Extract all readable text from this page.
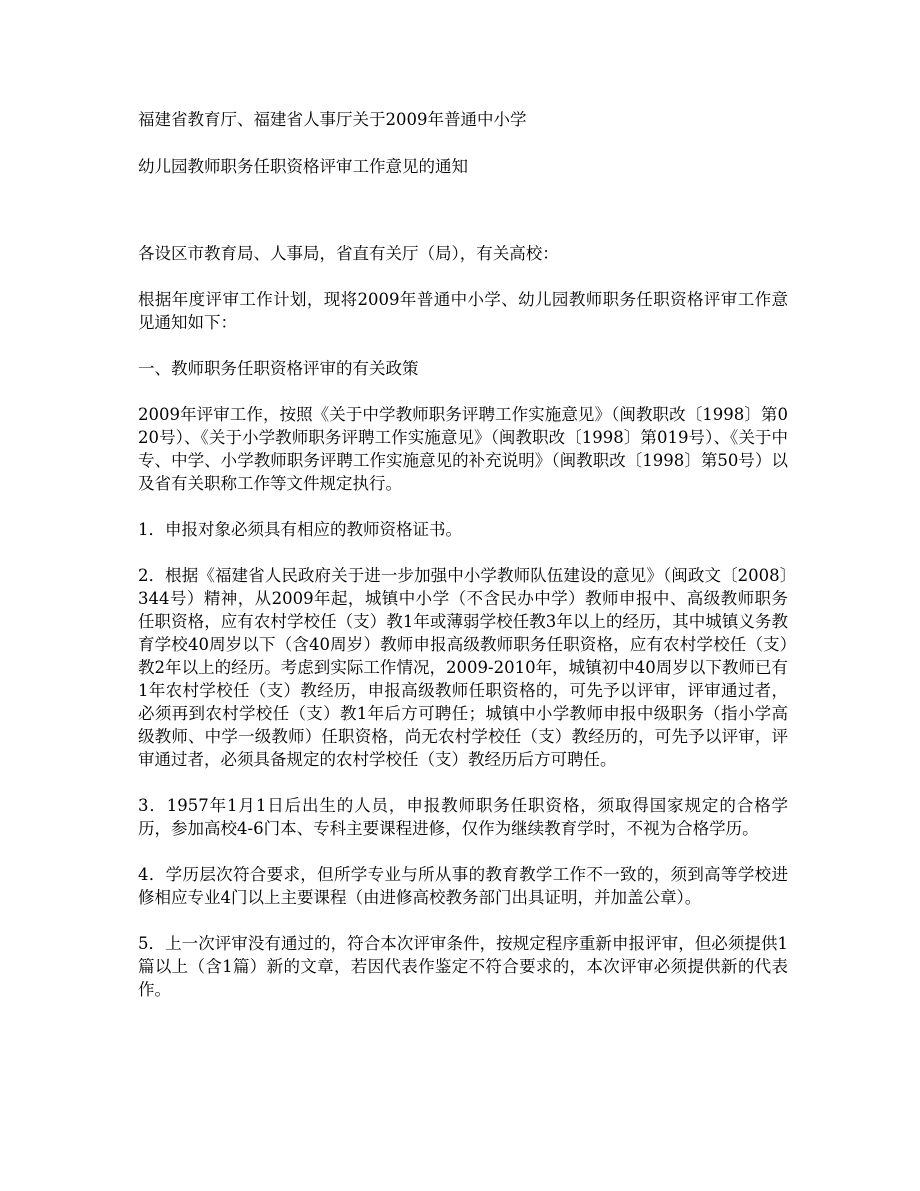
福建省教育厅、福建省人事厅关于2009年普通中小学

幼儿园教师职务任职资格评审工作意见的通知

各设区市教育局、人事局，省直有关厅（局），有关高校：

根据年度评审工作计划，现将2009年普通中小学、幼儿园教师职务任职资格评审工作意见通知如下：

一、教师职务任职资格评审的有关政策

2009年评审工作，按照《关于中学教师职务评聘工作实施意见》（闽教职改〔1998〕第020号）、《关于小学教师职务评聘工作实施意见》（闽教职改〔1998〕第019号）、《关于中专、中学、小学教师职务评聘工作实施意见的补充说明》（闽教职改〔1998〕第50号）以及省有关职称工作等文件规定执行。

1．申报对象必须具有相应的教师资格证书。

2．根据《福建省人民政府关于进一步加强中小学教师队伍建设的意见》（闽政文〔2008〕344号）精神，从2009年起，城镇中小学（不含民办中学）教师申报中、高级教师职务任职资格，应有农村学校任（支）教1年或薄弱学校任教3年以上的经历，其中城镇义务教育学校40周岁以下（含40周岁）教师申报高级教师职务任职资格，应有农村学校任（支）教2年以上的经历。考虑到实际工作情况，2009-2010年，城镇初中40周岁以下教师已有1年农村学校任（支）教经历，申报高级教师任职资格的，可先予以评审，评审通过者，必须再到农村学校任（支）教1年后方可聘任；城镇中小学教师申报中级职务（指小学高级教师、中学一级教师）任职资格，尚无农村学校任（支）教经历的，可先予以评审，评审通过者，必须具备规定的农村学校任（支）教经历后方可聘任。

3．1957年1月1日后出生的人员，申报教师职务任职资格，须取得国家规定的合格学历，参加高校4-6门本、专科主要课程进修，仅作为继续教育学时，不视为合格学历。

4．学历层次符合要求，但所学专业与所从事的教育教学工作不一致的，须到高等学校进修相应专业4门以上主要课程（由进修高校教务部门出具证明，并加盖公章）。

5．上一次评审没有通过的，符合本次评审条件，按规定程序重新申报评审，但必须提供1篇以上（含1篇）新的文章，若因代表作鉴定不符合要求的，本次评审必须提供新的代表作。
